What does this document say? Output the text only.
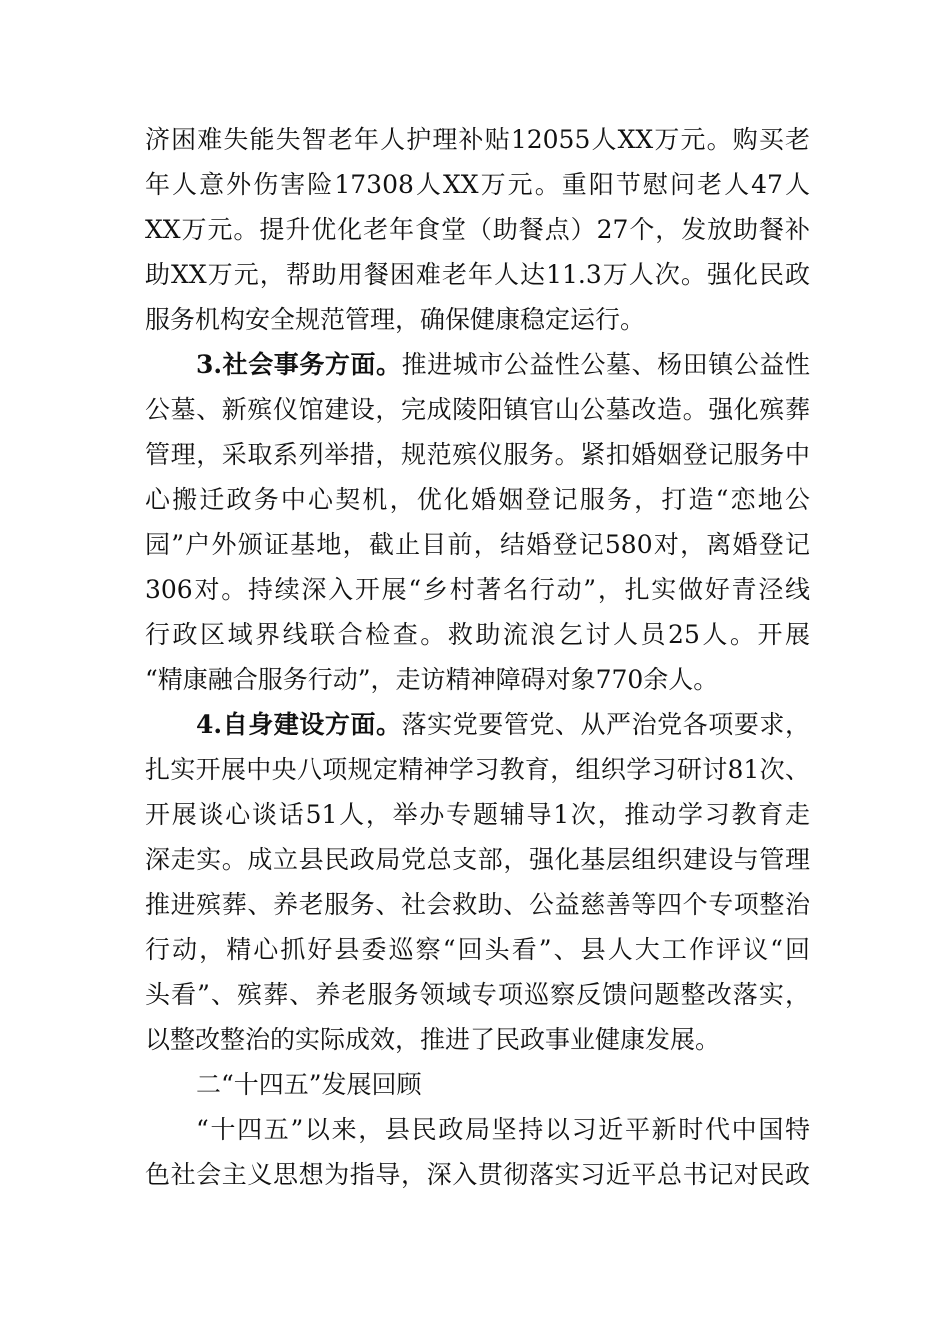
济困难失能失智老年人护理补贴12055人XX万元。购买老
年人意外伤害险17308人XX万元。重阳节慰问老人47人
XX万元。提升优化老年食堂（助餐点）27个，发放助餐补
助XX万元，帮助用餐困难老年人达11.3万人次。强化民政
服务机构安全规范管理，确保健康稳定运行。
3.社会事务方面。推进城市公益性公墓、杨田镇公益性
公墓、新殡仪馆建设，完成陵阳镇官山公墓改造。强化殡葬
管理，采取系列举措，规范殡仪服务。紧扣婚姻登记服务中
心搬迁政务中心契机，优化婚姻登记服务，打造“恋地公
园”户外颁证基地，截止目前，结婚登记580对，离婚登记
306对。持续深入开展“乡村著名行动”，扎实做好青泾线
行政区域界线联合检查。救助流浪乞讨人员25人。开展
“精康融合服务行动”，走访精神障碍对象770余人。
4.自身建设方面。落实党要管党、从严治党各项要求，
扎实开展中央八项规定精神学习教育，组织学习研讨81次、
开展谈心谈话51人，举办专题辅导1次，推动学习教育走
深走实。成立县民政局党总支部，强化基层组织建设与管理
推进殡葬、养老服务、社会救助、公益慈善等四个专项整治
行动，精心抓好县委巡察“回头看”、县人大工作评议“回
头看”、殡葬、养老服务领域专项巡察反馈问题整改落实，
以整改整治的实际成效，推进了民政事业健康发展。
二“十四五”发展回顾
“十四五”以来，县民政局坚持以习近平新时代中国特
色社会主义思想为指导，深入贯彻落实习近平总书记对民政
